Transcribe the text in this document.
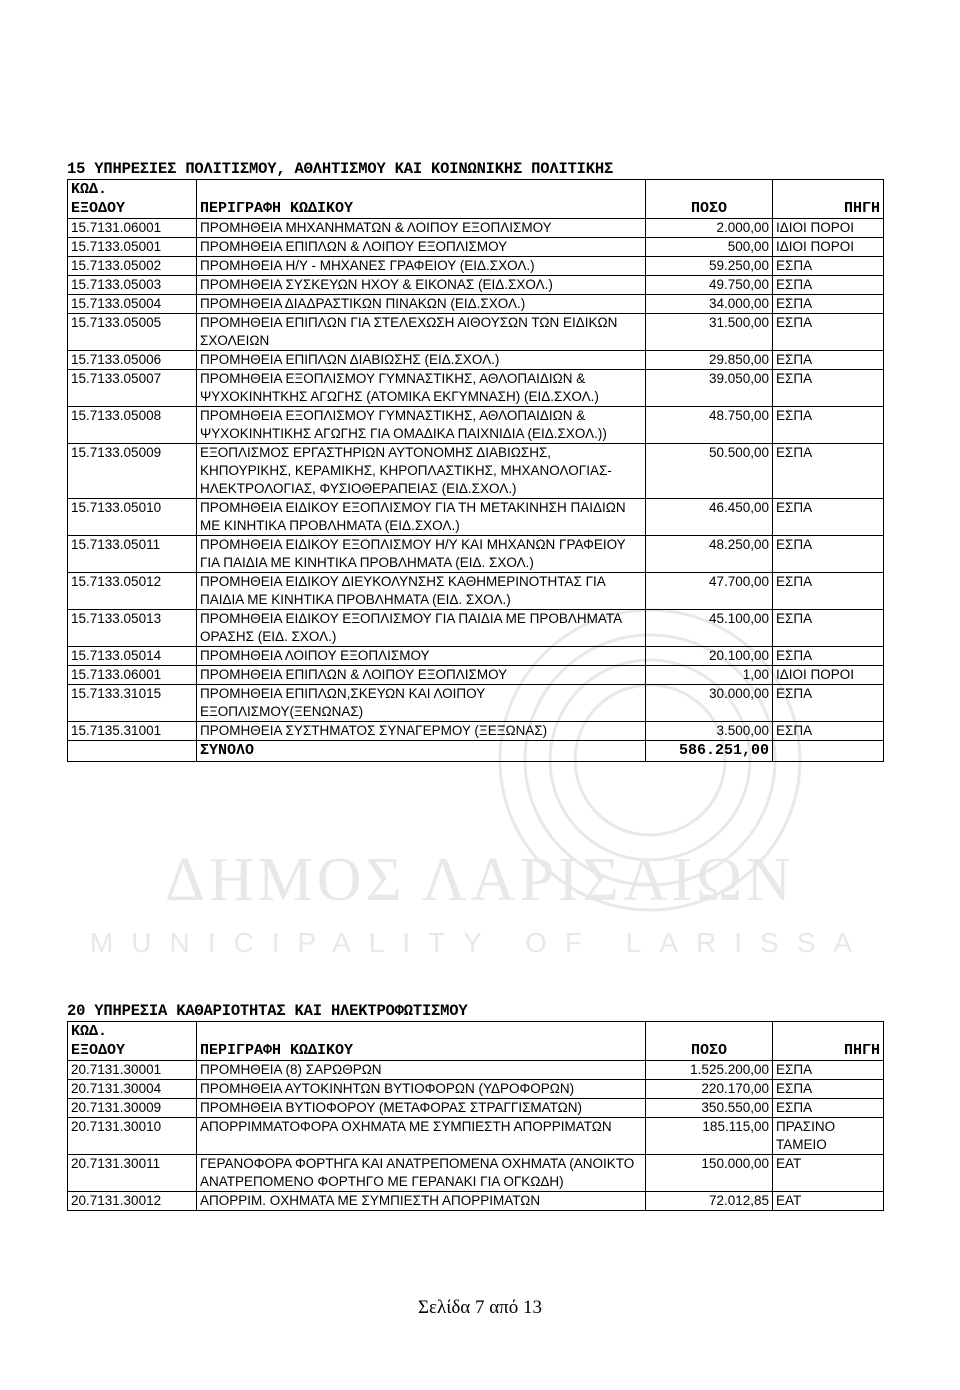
ΔΗΜΟΣ ΛΑΡΙΣΑΙΩΝ
MUNICIPALITY OF LARISSA
15 ΥΠΗΡΕΣΙΕΣ ΠΟΛΙΤΙΣΜΟΥ, ΑΘΛΗΤΙΣΜΟΥ ΚΑΙ ΚΟΙΝΩΝΙΚΗΣ ΠΟΛΙΤΙΚΗΣ
ΚΩΔ.
ΕΞΟΔΟΥ	ΠΕΡΙΓΡΑΦΗ ΚΩΔΙΚΟΥ	ΠΟΣΟ	ΠΗΓΗ
15.7131.06001	ΠΡΟΜΗΘΕΙΑ ΜΗΧΑΝΗΜΑΤΩΝ & ΛΟΙΠΟΥ ΕΞΟΠΛΙΣΜΟΥ	2.000,00	ΙΔΙΟΙ ΠΟΡΟΙ
15.7133.05001	ΠΡΟΜΗΘΕΙΑ ΕΠΙΠΛΩΝ & ΛΟΙΠΟΥ ΕΞΟΠΛΙΣΜΟΥ	500,00	ΙΔΙΟΙ ΠΟΡΟΙ
15.7133.05002	ΠΡΟΜΗΘΕΙΑ Η/Υ - ΜΗΧΑΝΕΣ ΓΡΑΦΕΙΟΥ (ΕΙΔ.ΣΧΟΛ.)	59.250,00	ΕΣΠΑ
15.7133.05003	ΠΡΟΜΗΘΕΙΑ ΣΥΣΚΕΥΩΝ ΗΧΟΥ & ΕΙΚΟΝΑΣ (ΕΙΔ.ΣΧΟΛ.)	49.750,00	ΕΣΠΑ
15.7133.05004	ΠΡΟΜΗΘΕΙΑ ΔΙΑΔΡΑΣΤΙΚΩΝ ΠΙΝΑΚΩΝ (ΕΙΔ.ΣΧΟΛ.)	34.000,00	ΕΣΠΑ
15.7133.05005	ΠΡΟΜΗΘΕΙΑ ΕΠΙΠΛΩΝ ΓΙΑ ΣΤΕΛΕΧΩΣΗ ΑΙΘΟΥΣΩΝ ΤΩΝ ΕΙΔΙΚΩΝ ΣΧΟΛΕΙΩΝ	31.500,00	ΕΣΠΑ
15.7133.05006	ΠΡΟΜΗΘΕΙΑ ΕΠΙΠΛΩΝ ΔΙΑΒΙΩΣΗΣ (ΕΙΔ.ΣΧΟΛ.)	29.850,00	ΕΣΠΑ
15.7133.05007	ΠΡΟΜΗΘΕΙΑ ΕΞΟΠΛΙΣΜΟΥ ΓΥΜΝΑΣΤΙΚΗΣ, ΑΘΛΟΠΑΙΔΙΩΝ & ΨΥΧΟΚΙΝΗΤΚΗΣ ΑΓΩΓΗΣ (ΑΤΟΜΙΚΑ ΕΚΓΥΜΝΑΣΗ) (ΕΙΔ.ΣΧΟΛ.)	39.050,00	ΕΣΠΑ
15.7133.05008	ΠΡΟΜΗΘΕΙΑ ΕΞΟΠΛΙΣΜΟΥ ΓΥΜΝΑΣΤΙΚΗΣ, ΑΘΛΟΠΑΙΔΙΩΝ & ΨΥΧΟΚΙΝΗΤΙΚΗΣ ΑΓΩΓΗΣ ΓΙΑ ΟΜΑΔΙΚΑ ΠΑΙΧΝΙΔΙΑ (ΕΙΔ.ΣΧΟΛ.))	48.750,00	ΕΣΠΑ
15.7133.05009	ΕΞΟΠΛΙΣΜΟΣ ΕΡΓΑΣΤΗΡΙΩΝ ΑΥΤΟΝΟΜΗΣ ΔΙΑΒΙΩΣΗΣ, ΚΗΠΟΥΡΙΚΗΣ, ΚΕΡΑΜΙΚΗΣ, ΚΗΡΟΠΛΑΣΤΙΚΗΣ, ΜΗΧΑΝΟΛΟΓΙΑΣ-ΗΛΕΚΤΡΟΛΟΓΙΑΣ, ΦΥΣΙΟΘΕΡΑΠΕΙΑΣ (ΕΙΔ.ΣΧΟΛ.)	50.500,00	ΕΣΠΑ
15.7133.05010	ΠΡΟΜΗΘΕΙΑ ΕΙΔΙΚΟΥ ΕΞΟΠΛΙΣΜΟΥ ΓΙΑ ΤΗ ΜΕΤΑΚΙΝΗΣΗ ΠΑΙΔΙΩΝ ΜΕ ΚΙΝΗΤΙΚΑ ΠΡΟΒΛΗΜΑΤΑ (ΕΙΔ.ΣΧΟΛ.)	46.450,00	ΕΣΠΑ
15.7133.05011	ΠΡΟΜΗΘΕΙΑ ΕΙΔΙΚΟΥ ΕΞΟΠΛΙΣΜΟΥ Η/Υ ΚΑΙ ΜΗΧΑΝΩΝ ΓΡΑΦΕΙΟΥ ΓΙΑ ΠΑΙΔΙΑ ΜΕ ΚΙΝΗΤΙΚΑ ΠΡΟΒΛΗΜΑΤΑ (ΕΙΔ. ΣΧΟΛ.)	48.250,00	ΕΣΠΑ
15.7133.05012	ΠΡΟΜΗΘΕΙΑ ΕΙΔΙΚΟΥ ΔΙΕΥΚΟΛΥΝΣΗΣ ΚΑΘΗΜΕΡΙΝΟΤΗΤΑΣ ΓΙΑ ΠΑΙΔΙΑ ΜΕ ΚΙΝΗΤΙΚΑ ΠΡΟΒΛΗΜΑΤΑ (ΕΙΔ. ΣΧΟΛ.)	47.700,00	ΕΣΠΑ
15.7133.05013	ΠΡΟΜΗΘΕΙΑ ΕΙΔΙΚΟΥ ΕΞΟΠΛΙΣΜΟΥ ΓΙΑ ΠΑΙΔΙΑ ΜΕ ΠΡΟΒΛΗΜΑΤΑ ΟΡΑΣΗΣ (ΕΙΔ. ΣΧΟΛ.)	45.100,00	ΕΣΠΑ
15.7133.05014	ΠΡΟΜΗΘΕΙΑ ΛΟΙΠΟΥ ΕΞΟΠΛΙΣΜΟΥ	20.100,00	ΕΣΠΑ
15.7133.06001	ΠΡΟΜΗΘΕΙΑ ΕΠΙΠΛΩΝ & ΛΟΙΠΟΥ ΕΞΟΠΛΙΣΜΟΥ	1,00	ΙΔΙΟΙ ΠΟΡΟΙ
15.7133.31015	ΠΡΟΜΗΘΕΙΑ ΕΠΙΠΛΩΝ,ΣΚΕΥΩΝ ΚΑΙ ΛΟΙΠΟΥ ΕΞΟΠΛΙΣΜΟΥ(ΞΕΝΩΝΑΣ)	30.000,00	ΕΣΠΑ
15.7135.31001	ΠΡΟΜΗΘΕΙΑ ΣΥΣΤΗΜΑΤΟΣ ΣΥΝΑΓΕΡΜΟΥ (ΞΕΞΩΝΑΣ)	3.500,00	ΕΣΠΑ
	ΣΥΝΟΛΟ	586.251,00	
20 ΥΠΗΡΕΣΙΑ ΚΑΘΑΡΙΟΤΗΤΑΣ ΚΑΙ ΗΛΕΚΤΡΟΦΩΤΙΣΜΟΥ
ΚΩΔ.
ΕΞΟΔΟΥ	ΠΕΡΙΓΡΑΦΗ ΚΩΔΙΚΟΥ	ΠΟΣΟ	ΠΗΓΗ
20.7131.30001	ΠΡΟΜΗΘΕΙΑ (8) ΣΑΡΩΘΡΩΝ	1.525.200,00	ΕΣΠΑ
20.7131.30004	ΠΡΟΜΗΘΕΙΑ ΑΥΤΟΚΙΝΗΤΩΝ ΒΥΤΙΟΦΟΡΩΝ (ΥΔΡΟΦΟΡΩΝ)	220.170,00	ΕΣΠΑ
20.7131.30009	ΠΡΟΜΗΘΕΙΑ ΒΥΤΙΟΦΟΡΟΥ (ΜΕΤΑΦΟΡΑΣ ΣΤΡΑΓΓΙΣΜΑΤΩΝ)	350.550,00	ΕΣΠΑ
20.7131.30010	ΑΠΟΡΡΙΜΜΑΤΟΦΟΡΑ ΟΧΗΜΑΤΑ ΜΕ ΣΥΜΠΙΕΣΤΗ ΑΠΟΡΡΙΜΑΤΩΝ	185.115,00	ΠΡΑΣΙΝΟ ΤΑΜΕΙΟ
20.7131.30011	ΓΕΡΑΝΟΦΟΡΑ ΦΟΡΤΗΓΑ ΚΑΙ ΑΝΑΤΡΕΠΟΜΕΝΑ ΟΧΗΜΑΤΑ (ΑΝΟΙΚΤΟ ΑΝΑΤΡΕΠΟΜΕΝΟ ΦΟΡΤΗΓΟ ΜΕ ΓΕΡΑΝΑΚΙ ΓΙΑ ΟΓΚΩΔΗ)	150.000,00	ΕΑΤ
20.7131.30012	ΑΠΟΡΡΙΜ. ΟΧΗΜΑΤΑ ΜΕ ΣΥΜΠΙΕΣΤΗ ΑΠΟΡΡΙΜΑΤΩΝ	72.012,85	ΕΑΤ
Σελίδα 7 από 13
